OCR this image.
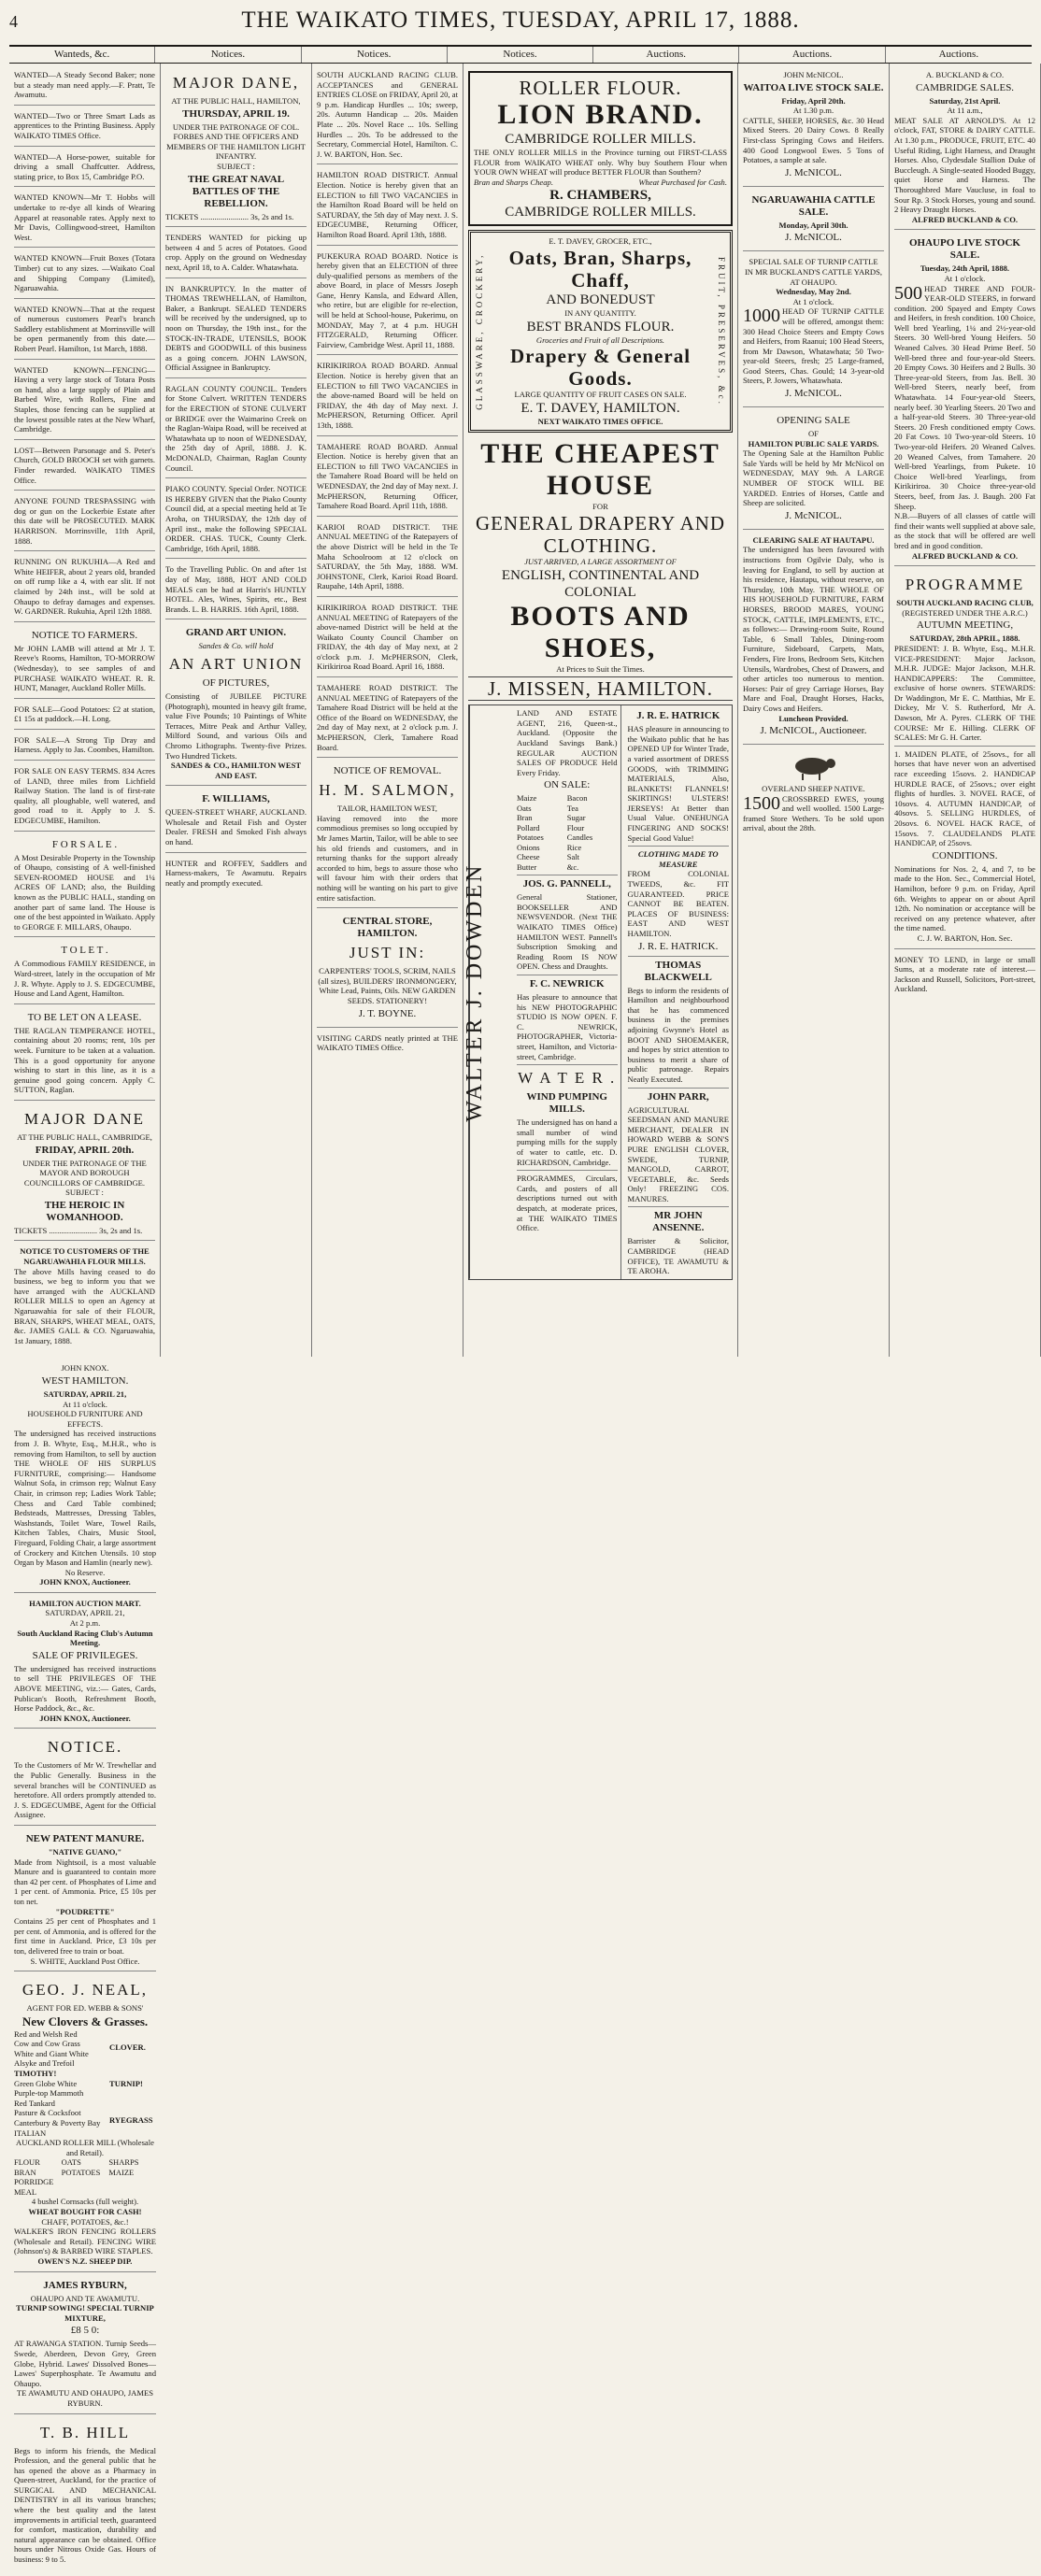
4	THE WAIKATO TIMES, TUESDAY, APRIL 17, 1888.
Wanteds, &c.	Notices.	Notices.	Notices.	Auctions.	Auctions.	Auctions.
WANTED—A Steady Second Baker; none but a steady man need apply.—F. Pratt, Te Awamutu.
WANTED—Two or Three Smart Lads as apprentices to the Printing Business. Apply WAIKATO TIMES Office.
WANTED—A Horse-power, suitable for driving a small Chaffcutter. Address, stating price, to Box 15, Cambridge P.O.
WANTED KNOWN—Mr T. Hobbs will undertake to re-dye all kinds of Wearing Apparel at reasonable rates. Apply next to Mr Davis, Collingwood-street, Hamilton West.
WANTED KNOWN—Fruit Boxes (Totara Timber) cut to any sizes. —Waikato Coal and Shipping Company (Limited), Ngaruawahia.
WANTED KNOWN—That at the request of numerous customers Pearl's branch Saddlery establishment at Morrinsville will be open permanently from this date.—Robert Pearl. Hamilton, 1st March, 1888.
WANTED KNOWN—FENCING—Having a very large stock of Totara Posts on hand, also a large supply of Plain and Barbed Wire, with Rollers, Fine and Staples, those fencing can be supplied at the lowest possible rates at the New Wharf, Cambridge.
LOST—Between Parsonage and S. Peter's Church, GOLD BROOCH set with garnets. Finder rewarded. WAIKATO TIMES Office.
ANYONE FOUND TRESPASSING with dog or gun on the Lockerbie Estate after this date will be PROSECUTED. MARK HARRISON. Morrinsville, 11th April, 1888.
RUNNING ON RUKUHIA—A Red and White HEIFER, about 2 years old, branded on off rump like a 4, with ear slit. If not claimed by 24th inst., will be sold at Ohaupo to defray damages and expenses. W. GARDNER. Rukuhia, April 12th 1888.
NOTICE TO FARMERS.
Mr JOHN LAMB will attend at Mr J. T. Reeve's Rooms, Hamilton, TO-MORROW (Wednesday), to see samples of and PURCHASE WAIKATO WHEAT. R. R. HUNT, Manager, Auckland Roller Mills.
FOR SALE—Good Potatoes: £2 at station, £1 15s at paddock.—H. Long.
FOR SALE—A Strong Tip Dray and Harness. Apply to Jas. Coombes, Hamilton.
FOR SALE ON EASY TERMS. 834 Acres of LAND, three miles from Lichfield Railway Station. The land is of first-rate quality, all ploughable, well watered, and good road to it. Apply to J. S. EDGECUMBE, Hamilton.
F O R S A L E .
A Most Desirable Property in the Township of Ohaupo, consisting of A well-finished SEVEN-ROOMED HOUSE and 1¼ ACRES OF LAND; also, the Building known as the PUBLIC HALL, standing on another part of same land. The House is one of the best appointed in Waikato. Apply to GEORGE F. MILLARS, Ohaupo.
T O L E T .
A Commodious FAMILY RESIDENCE, in Ward-street, lately in the occupation of Mr J. R. Whyte. Apply to J. S. EDGECUMBE, House and Land Agent, Hamilton.
TO BE LET ON A LEASE.
THE RAGLAN TEMPERANCE HOTEL, containing about 20 rooms; rent, 10s per week. Furniture to be taken at a valuation. This is a good opportunity for anyone wishing to start in this line, as it is a genuine good going concern. Apply C. SUTTON, Raglan.
MAJOR DANE
AT THE PUBLIC HALL, CAMBRIDGE,
FRIDAY, APRIL 20th.
UNDER THE PATRONAGE OF THE MAYOR AND BOROUGH COUNCILLORS OF CAMBRIDGE.
SUBJECT :
THE HEROIC IN WOMANHOOD.
TICKETS ........................ 3s, 2s and 1s.
NOTICE TO CUSTOMERS OF THE NGARUAWAHIA FLOUR MILLS.
The above Mills having ceased to do business, we beg to inform you that we have arranged with the AUCKLAND ROLLER MILLS to open an Agency at Ngaruawahia for sale of their FLOUR, BRAN, SHARPS, WHEAT MEAL, OATS, &c. JAMES GALL & CO. Ngaruawahia, 1st January, 1888.
MAJOR DANE,
AT THE PUBLIC HALL, HAMILTON,
THURSDAY, APRIL 19.
UNDER THE PATRONAGE OF COL. FORBES AND THE OFFICERS AND MEMBERS OF THE HAMILTON LIGHT INFANTRY.
SUBJECT :
THE GREAT NAVAL BATTLES OF THE REBELLION.
TICKETS ........................ 3s, 2s and 1s.
TENDERS WANTED for picking up between 4 and 5 acres of Potatoes. Good crop. Apply on the ground on Wednesday next, April 18, to A. Calder. Whatawhata.
IN BANKRUPTCY. In the matter of THOMAS TREWHELLAN, of Hamilton, Baker, a Bankrupt. SEALED TENDERS will be received by the undersigned, up to noon on Thursday, the 19th inst., for the STOCK-IN-TRADE, UTENSILS, BOOK DEBTS and GOODWILL of this business as a going concern. JOHN LAWSON, Official Assignee in Bankruptcy.
RAGLAN COUNTY COUNCIL. Tenders for Stone Culvert. WRITTEN TENDERS for the ERECTION of STONE CULVERT or BRIDGE over the Waimarino Creek on the Raglan-Waipa Road, will be received at Whatawhata up to noon of WEDNESDAY, the 25th day of April, 1888. J. K. McDONALD, Chairman, Raglan County Council.
PIAKO COUNTY. Special Order. NOTICE IS HEREBY GIVEN that the Piako County Council did, at a special meeting held at Te Aroha, on THURSDAY, the 12th day of April inst., make the following SPECIAL ORDER. CHAS. TUCK, County Clerk. Cambridge, 16th April, 1888.
To the Travelling Public. On and after 1st day of May, 1888, HOT AND COLD MEALS can be had at Harris's HUNTLY HOTEL. Ales, Wines, Spirits, etc., Best Brands. L. B. HARRIS. 16th April, 1888.
GRAND ART UNION.
Sandes & Co. will hold
AN ART UNION
OF PICTURES,
Consisting of JUBILEE PICTURE (Photograph), mounted in heavy gilt frame, value Five Pounds; 10 Paintings of White Terraces, Mitre Peak and Arthur Valley, Milford Sound, and various Oils and Chromo Lithographs. Twenty-five Prizes. Two Hundred Tickets.
SANDES & CO., HAMILTON WEST AND EAST.
F. WILLIAMS,
QUEEN-STREET WHARF, AUCKLAND. Wholesale and Retail Fish and Oyster Dealer. FRESH and Smoked Fish always on hand.
HUNTER and ROFFEY, Saddlers and Harness-makers, Te Awamutu. Repairs neatly and promptly executed.
SOUTH AUCKLAND RACING CLUB. ACCEPTANCES and GENERAL ENTRIES CLOSE on FRIDAY, April 20, at 9 p.m. Handicap Hurdles ... 10s; sweep, 20s. Autumn Handicap ... 20s. Maiden Plate ... 20s. Novel Race ... 10s. Selling Hurdles ... 20s. To be addressed to the Secretary, Commercial Hotel, Hamilton. C. J. W. BARTON, Hon. Sec.
HAMILTON ROAD DISTRICT. Annual Election. Notice is hereby given that an ELECTION to fill TWO VACANCIES in the Hamilton Road Board will be held on SATURDAY, the 5th day of May next. J. S. EDGECUMBE, Returning Officer, Hamilton Road Board. April 13th, 1888.
PUKEKURA ROAD BOARD. Notice is hereby given that an ELECTION of three duly-qualified persons as members of the above Board, in place of Messrs Joseph Gane, Henry Kansla, and Edward Allen, who retire, but are eligible for re-election, will be held at School-house, Pukerimu, on MONDAY, May 7, at 4 p.m. HUGH FITZGERALD, Returning Officer. Fairview, Cambridge West. April 11, 1888.
KIRIKIRIROA ROAD BOARD. Annual Election. Notice is hereby given that an ELECTION to fill TWO VACANCIES in the above-named Board will be held on FRIDAY, the 4th day of May next. J. McPHERSON, Returning Officer. April 13th, 1888.
TAMAHERE ROAD BOARD. Annual Election. Notice is hereby given that an ELECTION to fill TWO VACANCIES in the Tamahere Road Board will be held on WEDNESDAY, the 2nd day of May next. J. McPHERSON, Returning Officer, Tamahere Road Board. April 11th, 1888.
KARIOI ROAD DISTRICT. THE ANNUAL MEETING of the Ratepayers of the above District will be held in the Te Maha Schoolroom at 12 o'clock on SATURDAY, the 5th May, 1888. WM. JOHNSTONE, Clerk, Karioi Road Board. Raupahe, 14th April, 1888.
KIRIKIRIROA ROAD DISTRICT. THE ANNUAL MEETING of Ratepayers of the above-named District will be held at the Waikato County Council Chamber on FRIDAY, the 4th day of May next, at 2 o'clock p.m. J. McPHERSON, Clerk, Kirikiriroa Road Board. April 16, 1888.
TAMAHERE ROAD DISTRICT. The ANNUAL MEETING of Ratepayers of the Tamahere Road District will be held at the Office of the Board on WEDNESDAY, the 2nd day of May next, at 2 o'clock p.m. J. McPHERSON, Clerk, Tamahere Road Board.
NOTICE OF REMOVAL.
H. M. SALMON,
TAILOR, HAMILTON WEST,
Having removed into the more commodious premises so long occupied by Mr James Martin, Tailor, will be able to see his old friends and customers, and in returning thanks for the support already accorded to him, begs to assure those who will favour him with their orders that nothing will be wanting on his part to give entire satisfaction.
CENTRAL STORE, HAMILTON.
JUST IN:
CARPENTERS' TOOLS, SCRIM, NAILS (all sizes), BUILDERS' IRONMONGERY, White Lead, Paints, Oils. NEW GARDEN SEEDS. STATIONERY!
J. T. BOYNE.
VISITING CARDS neatly printed at THE WAIKATO TIMES Office.
ROLLER FLOUR.
LION BRAND.
CAMBRIDGE ROLLER MILLS.
THE ONLY ROLLER MILLS in the Province turning out FIRST-CLASS FLOUR from WAIKATO WHEAT only. Why buy Southern Flour when YOUR OWN WHEAT will produce BETTER FLOUR than Southern?
Bran and Sharps Cheap.	Wheat Purchased for Cash.
R. CHAMBERS,
CAMBRIDGE ROLLER MILLS.
E. T. DAVEY, GROCER, ETC.,
GLASSWARE, CROCKERY,	Oats, Bran, Sharps, Chaff,
AND BONEDUST
IN ANY QUANTITY.
BEST BRANDS FLOUR.
Groceries and Fruit of all Descriptions.
Drapery & General Goods.
LARGE QUANTITY OF FRUIT CASES ON SALE.
E. T. DAVEY, HAMILTON.
FRUIT, PRESERVES, &c.
NEXT WAIKATO TIMES OFFICE.
THE CHEAPEST HOUSE
FOR
GENERAL DRAPERY AND CLOTHING.
JUST ARRIVED, A LARGE ASSORTMENT OF
ENGLISH, CONTINENTAL AND COLONIAL
BOOTS AND SHOES,
At Prices to Suit the Times.
J. MISSEN, HAMILTON.
WALTER J. DOWDEN
LAND AND ESTATE AGENT, 216, Queen-st., Auckland. (Opposite the Auckland Savings Bank.) REGULAR AUCTION SALES OF PRODUCE Held Every Friday.
ON SALE:
Maize	Bacon
Oats	Tea
Bran	Sugar
Pollard	Flour
Potatoes	Candles
Onions	Rice
Cheese	Salt
Butter	&c.
JOS. G. PANNELL,
General Stationer, BOOKSELLER AND NEWSVENDOR. (Next THE WAIKATO TIMES Office) HAMILTON WEST. Pannell's Subscription Smoking and Reading Room IS NOW OPEN. Chess and Draughts.
F. C. NEWRICK
Has pleasure to announce that his NEW PHOTOGRAPHIC STUDIO IS NOW OPEN. F. C. NEWRICK, PHOTOGRAPHER, Victoria-street, Hamilton, and Victoria-street, Cambridge.
W A T E R .
WIND PUMPING MILLS.
The undersigned has on hand a small number of wind pumping mills for the supply of water to cattle, etc. D. RICHARDSON, Cambridge.
PROGRAMMES, Circulars, Cards, and posters of all descriptions turned out with despatch, at moderate prices, at THE WAIKATO TIMES Office.
J. R. E. HATRICK
HAS pleasure in announcing to the Waikato public that he has OPENED UP for Winter Trade, a varied assortment of DRESS GOODS, with TRIMMING MATERIALS, Also, BLANKETS! FLANNELS! SKIRTINGS! ULSTERS! JERSEYS! At Better than Usual Value. ONEHUNGA FINGERING AND SOCKS! Special Good Value!
CLOTHING MADE TO MEASURE
FROM COLONIAL TWEEDS, &c. FIT GUARANTEED. PRICE CANNOT BE BEATEN. PLACES OF BUSINESS: EAST AND WEST HAMILTON.
J. R. E. HATRICK.
THOMAS BLACKWELL
Begs to inform the residents of Hamilton and neighbourhood that he has commenced business in the premises adjoining Gwynne's Hotel as BOOT AND SHOEMAKER, and hopes by strict attention to business to merit a share of public patronage. Repairs Neatly Executed.
JOHN PARR,
AGRICULTURAL SEEDSMAN AND MANURE MERCHANT, DEALER IN HOWARD WEBB & SON'S PURE ENGLISH CLOVER, SWEDE, TURNIP, MANGOLD, CARROT, VEGETABLE, &c. Seeds Only! FREEZING COS. MANURES.
MR JOHN ANSENNE.
Barrister & Solicitor, CAMBRIDGE (HEAD OFFICE), TE AWAMUTU & TE AROHA.
JOHN McNICOL.
WAITOA LIVE STOCK SALE.
Friday, April 20th.
At 1.30 p.m.
CATTLE, SHEEP, HORSES, &c. 30 Head Mixed Steers. 20 Dairy Cows. 8 Really First-class Springing Cows and Heifers. 400 Good Longwool Ewes. 5 Tons of Potatoes, a sample at sale.
J. McNICOL.
NGARUAWAHIA CATTLE SALE.
Monday, April 30th.
J. McNICOL.
SPECIAL SALE OF TURNIP CATTLE
IN MR BUCKLAND'S CATTLE YARDS, AT OHAUPO.
Wednesday, May 2nd.
At 1 o'clock.
1000 HEAD OF TURNIP CATTLE will be offered, amongst them: 300 Head Choice Steers and Empty Cows and Heifers, from Raanui; 100 Head Steers, from Mr Dawson, Whatawhata; 50 Two-year-old Steers, fresh; 25 Large-framed, Good Steers, Chas. Gould; 14 3-year-old Steers, P. Jowers, Whatawhata.
J. McNICOL.
OPENING SALE
OF
HAMILTON PUBLIC SALE YARDS.
The Opening Sale at the Hamilton Public Sale Yards will be held by Mr McNicol on WEDNESDAY, MAY 9th. A LARGE NUMBER OF STOCK WILL BE YARDED. Entries of Horses, Cattle and Sheep are solicited.
J. McNICOL.
CLEARING SALE AT HAUTAPU.
The undersigned has been favoured with instructions from Ogilvie Daly, who is leaving for England, to sell by auction at his residence, Hautapu, without reserve, on Thursday, 10th May. THE WHOLE OF HIS HOUSEHOLD FURNITURE, FARM HORSES, BROOD MARES, YOUNG STOCK, CATTLE, IMPLEMENTS, ETC., as follows:— Drawing-room Suite, Round Table, 6 Small Tables, Dining-room Furniture, Sideboard, Carpets, Mats, Fenders, Fire Irons, Bedroom Sets, Kitchen Utensils, Wardrobes, Chest of Drawers, and other articles too numerous to mention. Horses: Pair of grey Carriage Horses, Bay Mare and Foal, Draught Horses, Hacks, Dairy Cows and Heifers.
Luncheon Provided.
J. McNICOL, Auctioneer.
OVERLAND SHEEP NATIVE.
1500 CROSSBRED EWES, young and well woolled. 1500 Large-framed Store Wethers. To be sold upon arrival, about the 28th.
A. BUCKLAND & CO.
CAMBRIDGE SALES.
Saturday, 21st April.
At 11 a.m.,
MEAT SALE AT ARNOLD'S. At 12 o'clock, FAT, STORE & DAIRY CATTLE. At 1.30 p.m., PRODUCE, FRUIT, ETC. 40 Useful Riding, Light Harness, and Draught Horses. Also, Clydesdale Stallion Duke of Buccleugh. A Single-seated Hooded Buggy, quiet Horse and Harness. The Thoroughbred Mare Vaucluse, in foal to Sour Rp. 3 Stock Horses, young and sound. 2 Heavy Draught Horses.
ALFRED BUCKLAND & CO.
OHAUPO LIVE STOCK SALE.
Tuesday, 24th April, 1888.
At 1 o'clock.
500 HEAD THREE AND FOUR-YEAR-OLD STEERS, in forward condition. 200 Spayed and Empty Cows and Heifers, in fresh condition. 100 Choice, Well bred Yearling, 1¼ and 2½-year-old Steers. 30 Well-bred Young Heifers. 50 Weaned Calves. 30 Head Prime Beef. 50 Well-bred three and four-year-old Steers. 20 Empty Cows. 30 Heifers and 2 Bulls. 30 Three-year-old Steers, from Jas. Bell. 30 Well-bred Steers, nearly beef, from Whatawhata. 14 Four-year-old Steers, nearly beef. 30 Yearling Steers. 20 Two and a half-year-old Steers. 30 Three-year-old Steers. 20 Fresh conditioned empty Cows. 20 Fat Cows. 10 Two-year-old Steers. 10 Two-year-old Heifers. 20 Weaned Calves. 20 Weaned Calves, from Tamahere. 20 Well-bred Yearlings, from Pukete. 10 Choice Well-bred Yearlings, from Kirikiriroa. 30 Choice three-year-old Steers, beef, from Jas. J. Baugh. 200 Fat Sheep.
N.B.—Buyers of all classes of cattle will find their wants well supplied at above sale, as the stock that will be offered are well bred and in good condition.
ALFRED BUCKLAND & CO.
PROGRAMME
SOUTH AUCKLAND RACING CLUB,
(REGISTERED UNDER THE A.R.C.)
AUTUMN MEETING,
SATURDAY, 28th APRIL, 1888.
PRESIDENT: J. B. Whyte, Esq., M.H.R. VICE-PRESIDENT: Major Jackson, M.H.R. JUDGE: Major Jackson, M.H.R. HANDICAPPERS: The Committee, exclusive of horse owners. STEWARDS: Dr Waddington, Mr E. C. Matthias, Mr E. Dickey, Mr V. S. Rutherford, Mr A. Dawson, Mr A. Pyres. CLERK OF THE COURSE: Mr E. Hilling. CLERK OF SCALES: Mr G. H. Carter.
1. MAIDEN PLATE, of 25sovs., for all horses that have never won an advertised race exceeding 15sovs. 2. HANDICAP HURDLE RACE, of 25sovs.; over eight flights of hurdles. 3. NOVEL RACE, of 10sovs. 4. AUTUMN HANDICAP, of 40sovs. 5. SELLING HURDLES, of 20sovs. 6. NOVEL HACK RACE, of 15sovs. 7. CLAUDELANDS PLATE HANDICAP, of 25sovs.
CONDITIONS.
Nominations for Nos. 2, 4, and 7, to be made to the Hon. Sec., Commercial Hotel, Hamilton, before 9 p.m. on Friday, April 6th. Weights to appear on or about April 12th. No nomination or acceptance will be received on any pretence whatever, after the time named.
C. J. W. BARTON, Hon. Sec.
MONEY TO LEND, in large or small Sums, at a moderate rate of interest.—Jackson and Russell, Solicitors, Port-street, Auckland.
JOHN KNOX.
WEST HAMILTON.
SATURDAY, APRIL 21,
At 11 o'clock.
HOUSEHOLD FURNITURE AND EFFECTS.
The undersigned has received instructions from J. B. Whyte, Esq., M.H.R., who is removing from Hamilton, to sell by auction THE WHOLE OF HIS SURPLUS FURNITURE, comprising:— Handsome Walnut Sofa, in crimson rep; Walnut Easy Chair, in crimson rep; Ladies Work Table; Chess and Card Table combined; Bedsteads, Mattresses, Dressing Tables, Washstands, Toilet Ware, Towel Rails, Kitchen Tables, Chairs, Music Stool, Fireguard, Folding Chair, a large assortment of Crockery and Kitchen Utensils. 10 stop Organ by Mason and Hamlin (nearly new).
No Reserve.
JOHN KNOX, Auctioneer.
HAMILTON AUCTION MART.
SATURDAY, APRIL 21,
At 2 p.m.
South Auckland Racing Club's Autumn Meeting.
SALE OF PRIVILEGES.
The undersigned has received instructions to sell THE PRIVILEGES OF THE ABOVE MEETING, viz.:— Gates, Cards, Publican's Booth, Refreshment Booth, Horse Paddock, &c., &c.
JOHN KNOX, Auctioneer.
NOTICE.
To the Customers of Mr W. Trewhellar and the Public Generally. Business in the several branches will be CONTINUED as heretofore. All orders promptly attended to. J. S. EDGECUMBE, Agent for the Official Assignee.
NEW PATENT MANURE.
"NATIVE GUANO,"
Made from Nightsoil, is a most valuable Manure and is guaranteed to contain more than 42 per cent. of Phosphates of Lime and 1 per cent. of Ammonia. Price, £5 10s per ton net.
"POUDRETTE"
Contains 25 per cent of Phosphates and 1 per cent. of Ammonia, and is offered for the first time in Auckland. Price, £3 10s per ton, delivered free to train or boat.
S. WHITE, Auckland Post Office.
GEO. J. NEAL,
AGENT FOR ED. WEBB & SONS'
New Clovers & Grasses.
Red and Welsh Red
Cow and Cow Grass
White and Giant White
Alsyke and Trefoil
TIMOTHY!
Green Globe White
Purple-top Mammoth
Red Tankard
Pasture & Cocksfoot
Canterbury & Poverty Bay
ITALIAN
CLOVER.
TURNIP!
RYEGRASS
AUCKLAND ROLLER MILL (Wholesale and Retail).
FLOUR	OATS	SHARPS
BRAN	POTATOES	MAIZE
PORRIDGE MEAL
4 bushel Cornsacks (full weight).
WHEAT BOUGHT FOR CASH!
CHAFF, POTATOES, &c.!
WALKER'S IRON FENCING ROLLERS (Wholesale and Retail). FENCING WIRE (Johnson's) & BARBED WIRE STAPLES.
OWEN'S N.Z. SHEEP DIP.
JAMES RYBURN,
OHAUPO AND TE AWAMUTU.
TURNIP SOWING! SPECIAL TURNIP MIXTURE,
£8 5 0:
AT RAWANGA STATION. Turnip Seeds—Swede, Aberdeen, Devon Grey, Green Globe, Hybrid. Lawes' Dissolved Bones—Lawes' Superphosphate. Te Awamutu and Ohaupo.
TE AWAMUTU AND OHAUPO, JAMES RYBURN.
T. B. HILL
Begs to inform his friends, the Medical Profession, and the general public that he has opened the above as a Pharmacy in Queen-street, Auckland, for the practice of SURGICAL AND MECHANICAL DENTISTRY in all its various branches; where the best quality and the latest improvements in artificial teeth, guaranteed for comfort, mastication, durability and natural appearance can be obtained. Office hours under Nitrous Oxide Gas. Hours of business: 9 to 5.
